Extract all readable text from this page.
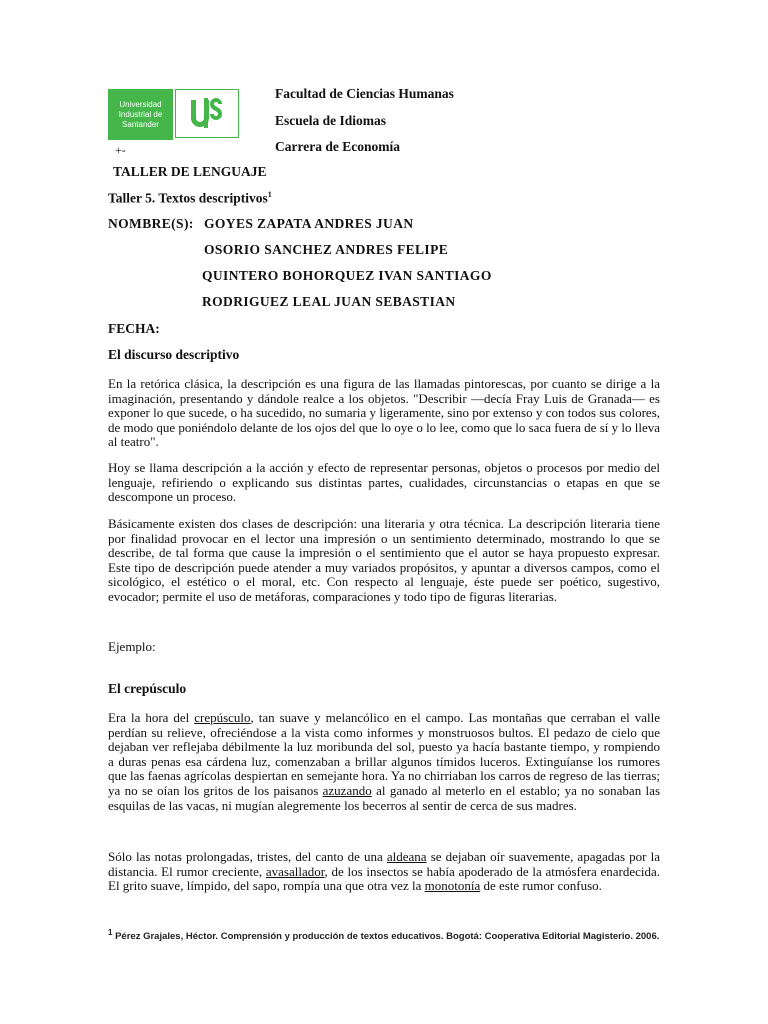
Universidad
Industrial de
Santander
Facultad de Ciencias Humanas
Escuela de Idiomas
Carrera de Economía
+-
TALLER DE LENGUAJE
Taller 5. Textos descriptivos$^1$
NOMBRE(S): GOYES ZAPATA ANDRES JUAN
OSORIO SANCHEZ ANDRES FELIPE
QUINTERO BOHORQUEZ IVAN SANTIAGO
RODRIGUEZ LEAL JUAN SEBASTIAN
FECHA:
El discurso descriptivo

En la retórica clásica, la descripción es una figura de las llamadas pintorescas, por cuanto se dirige a la imaginación, presentando y dándole realce a los objetos. "Describir —decía Fray Luis de Granada— es exponer lo que sucede, o ha sucedido, no sumaria y ligeramente, sino por extenso y con todos sus colores, de modo que poniéndolo delante de los ojos del que lo oye o lo lee, como que lo saca fuera de sí y lo lleva al teatro".

Hoy se llama descripción a la acción y efecto de representar personas, objetos o procesos por medio del lenguaje, refiriendo o explicando sus distintas partes, cualidades, circunstancias o etapas en que se descompone un proceso.

Básicamente existen dos clases de descripción: una literaria y otra técnica. La descripción literaria tiene por finalidad provocar en el lector una impresión o un sentimiento determinado, mostrando lo que se describe, de tal forma que cause la impresión o el sentimiento que el autor se haya propuesto expresar. Este tipo de descripción puede atender a muy variados propósitos, y apuntar a diversos campos, como el sicológico, el estético o el moral, etc. Con respecto al lenguaje, éste puede ser poético, sugestivo, evocador; permite el uso de metáforas, comparaciones y todo tipo de figuras literarias.

Ejemplo:
El crepúsculo

Era la hora del crepúsculo, tan suave y melancólico en el campo. Las montañas que cerraban el valle perdían su relieve, ofreciéndose a la vista como informes y monstruosos bultos. El pedazo de cielo que dejaban ver reflejaba débilmente la luz moribunda del sol, puesto ya hacía bastante tiempo, y rompiendo a duras penas esa cárdena luz, comenzaban a brillar algunos tímidos luceros. Extinguíanse los rumores que las faenas agrícolas despiertan en semejante hora. Ya no chirriaban los carros de regreso de las tierras; ya no se oían los gritos de los paisanos azuzando al ganado al meterlo en el establo; ya no sonaban las esquilas de las vacas, ni mugían alegremente los becerros al sentir de cerca de sus madres.

Sólo las notas prolongadas, tristes, del canto de una aldeana se dejaban oír suavemente, apagadas por la distancia. El rumor creciente, avasallador, de los insectos se había apoderado de la atmósfera enardecida. El grito suave, límpido, del sapo, rompía una que otra vez la monotonía de este rumor confuso.

$^1$ Pérez Grajales, Héctor. Comprensión y producción de textos educativos. Bogotá: Cooperativa Editorial Magisterio. 2006.
